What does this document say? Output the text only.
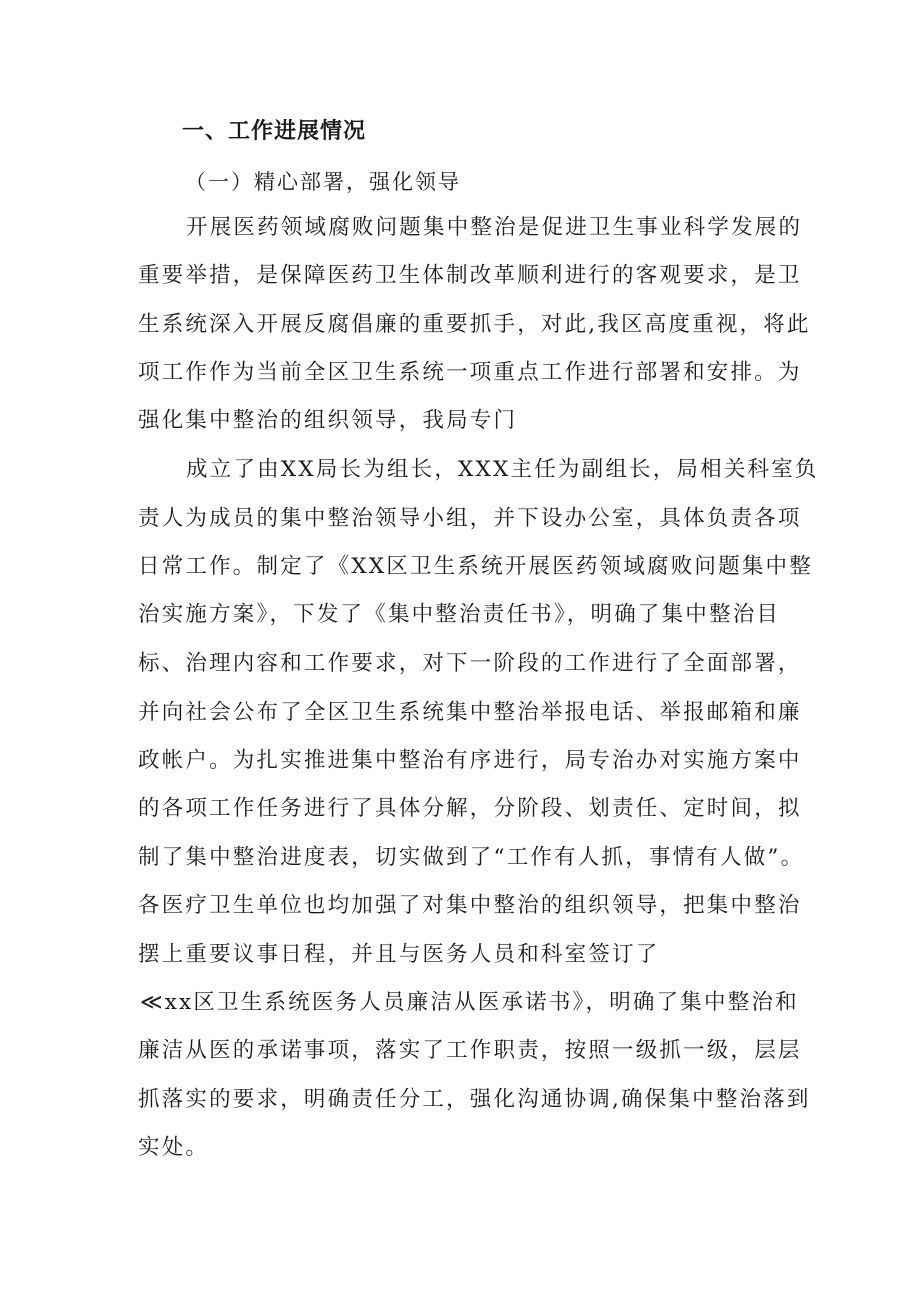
一、工作进展情况
（一）精心部署，强化领导
开展医药领域腐败问题集中整治是促进卫生事业科学发展的
重要举措，是保障医药卫生体制改革顺利进行的客观要求，是卫
生系统深入开展反腐倡廉的重要抓手，对此,我区高度重视，将此
项工作作为当前全区卫生系统一项重点工作进行部署和安排。为
强化集中整治的组织领导，我局专门
成立了由XX局长为组长，XXX主任为副组长，局相关科室负
责人为成员的集中整治领导小组，并下设办公室，具体负责各项
日常工作。制定了《XX区卫生系统开展医药领域腐败问题集中整
治实施方案》，下发了《集中整治责任书》，明确了集中整治目
标、治理内容和工作要求，对下一阶段的工作进行了全面部署，
并向社会公布了全区卫生系统集中整治举报电话、举报邮箱和廉
政帐户。为扎实推进集中整治有序进行，局专治办对实施方案中
的各项工作任务进行了具体分解，分阶段、划责任、定时间，拟
制了集中整治进度表，切实做到了“工作有人抓，事情有人做”。
各医疗卫生单位也均加强了对集中整治的组织领导，把集中整治
摆上重要议事日程，并且与医务人员和科室签订了
≪xx区卫生系统医务人员廉洁从医承诺书》，明确了集中整治和
廉洁从医的承诺事项，落实了工作职责，按照一级抓一级，层层
抓落实的要求，明确责任分工，强化沟通协调,确保集中整治落到
实处。
